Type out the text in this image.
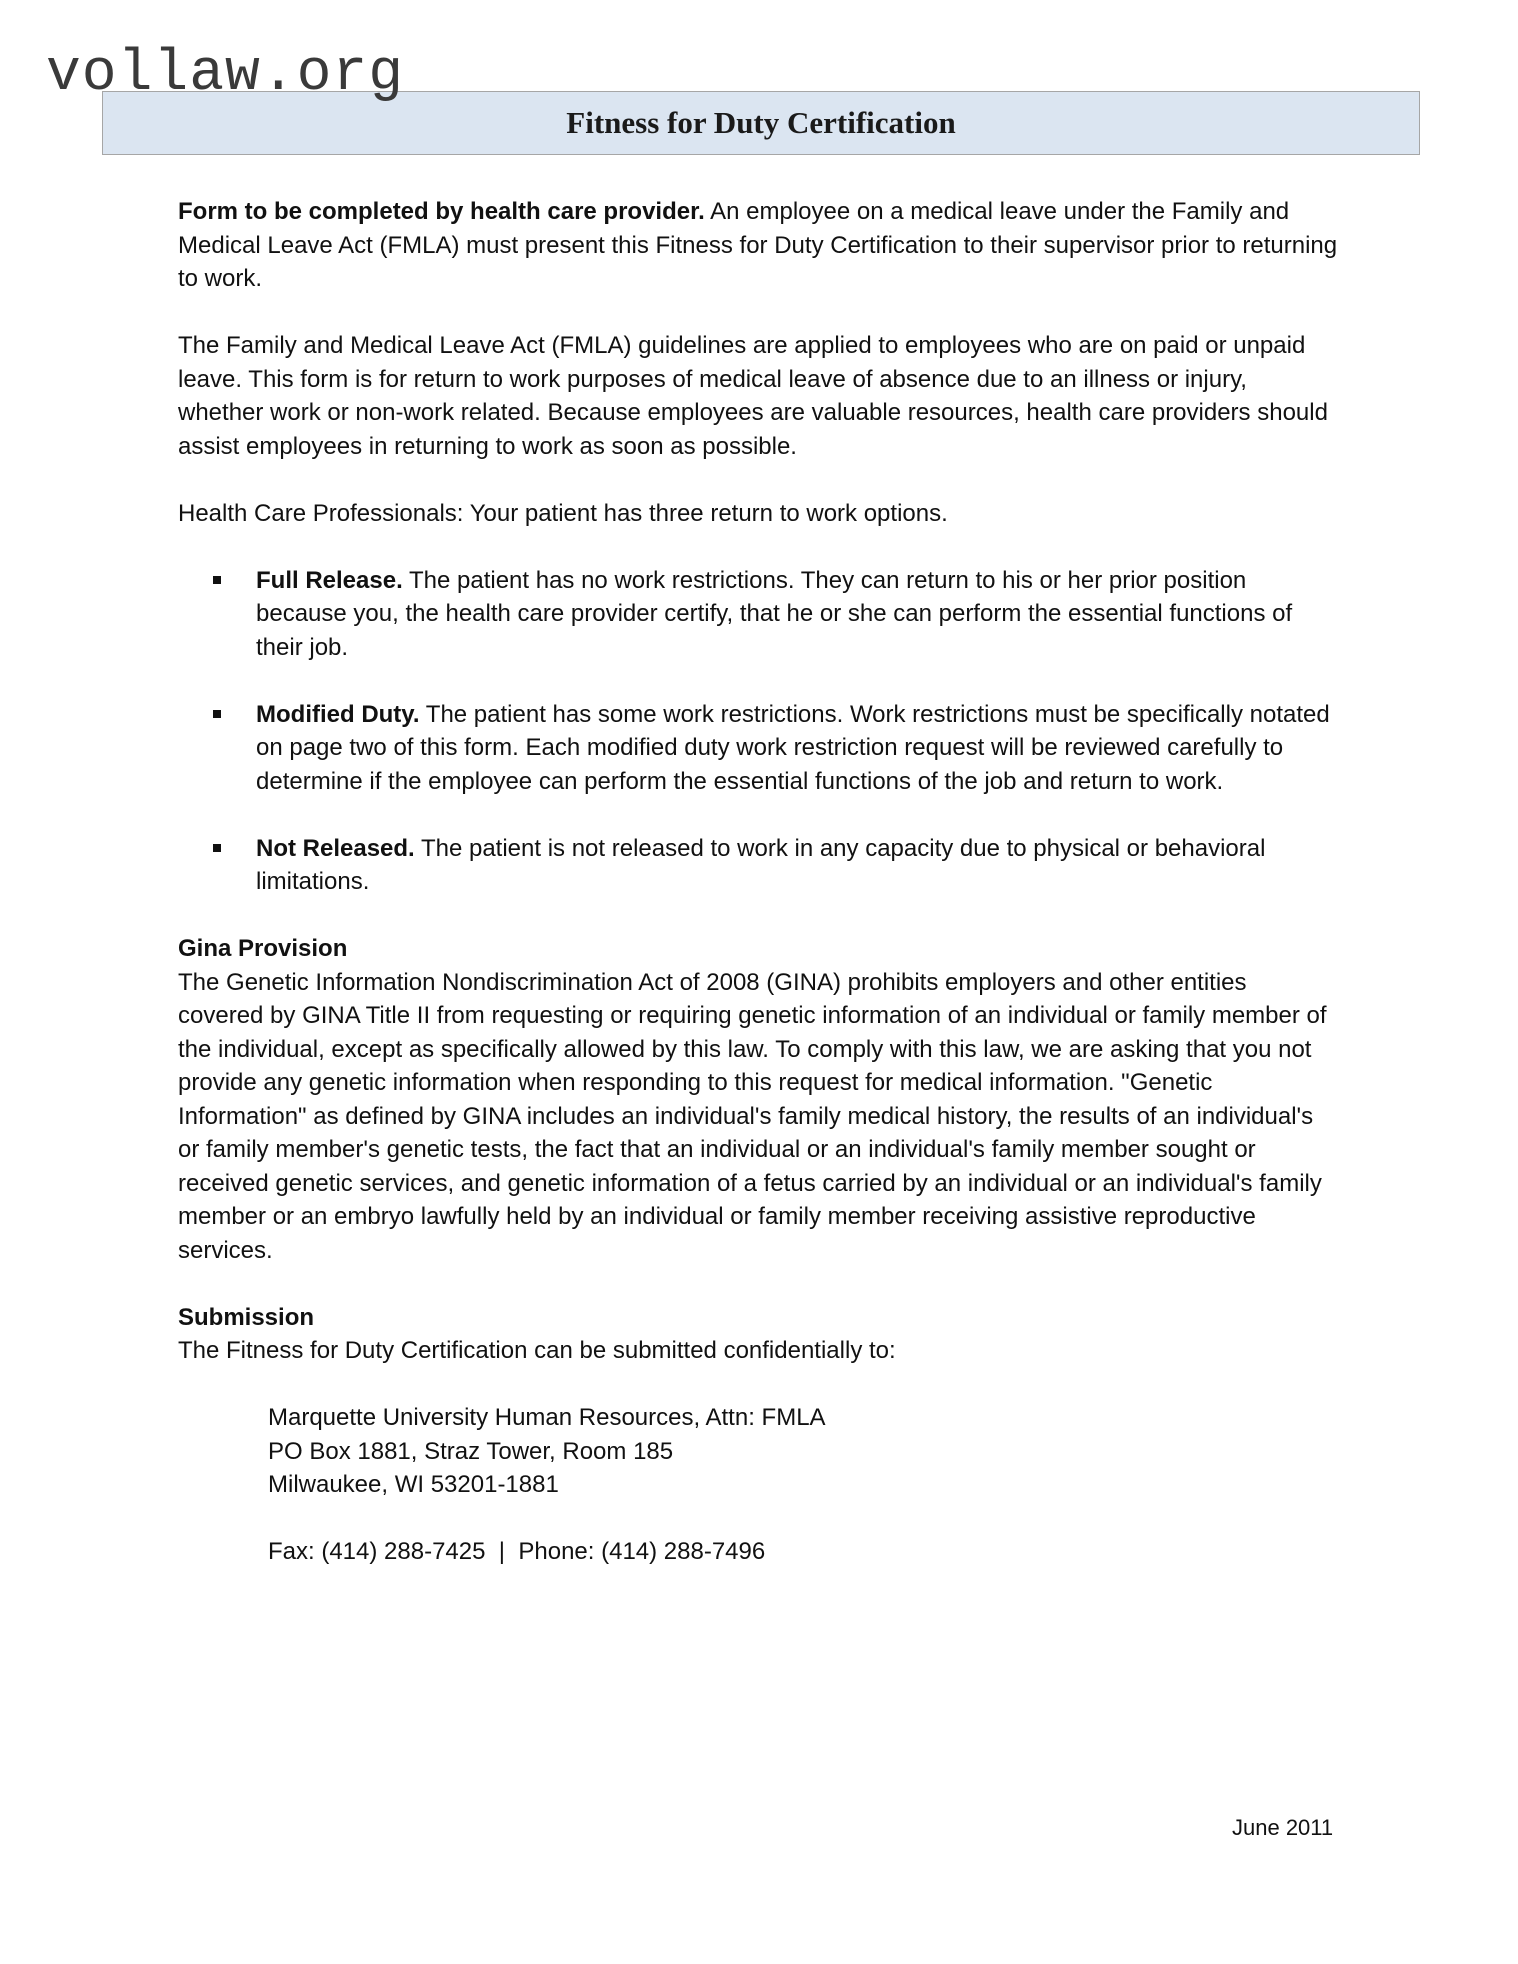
vollaw.org
Fitness for Duty Certification

Form to be completed by health care provider. An employee on a medical leave under the Family and Medical Leave Act (FMLA) must present this Fitness for Duty Certification to their supervisor prior to returning to work.

The Family and Medical Leave Act (FMLA) guidelines are applied to employees who are on paid or unpaid leave. This form is for return to work purposes of medical leave of absence due to an illness or injury, whether work or non-work related. Because employees are valuable resources, health care providers should assist employees in returning to work as soon as possible.

Health Care Professionals: Your patient has three return to work options.

Full Release. The patient has no work restrictions. They can return to his or her prior position because you, the health care provider certify, that he or she can perform the essential functions of their job.
Modified Duty. The patient has some work restrictions. Work restrictions must be specifically notated on page two of this form. Each modified duty work restriction request will be reviewed carefully to determine if the employee can perform the essential functions of the job and return to work.
Not Released. The patient is not released to work in any capacity due to physical or behavioral limitations.

Gina Provision
The Genetic Information Nondiscrimination Act of 2008 (GINA) prohibits employers and other entities covered by GINA Title II from requesting or requiring genetic information of an individual or family member of the individual, except as specifically allowed by this law. To comply with this law, we are asking that you not provide any genetic information when responding to this request for medical information. "Genetic Information" as defined by GINA includes an individual's family medical history, the results of an individual's or family member's genetic tests, the fact that an individual or an individual's family member sought or received genetic services, and genetic information of a fetus carried by an individual or an individual's family member or an embryo lawfully held by an individual or family member receiving assistive reproductive services.

Submission
The Fitness for Duty Certification can be submitted confidentially to:

Marquette University Human Resources, Attn: FMLA
PO Box 1881, Straz Tower, Room 185
Milwaukee, WI 53201-1881

Fax: (414) 288-7425  |  Phone: (414) 288-7496

June 2011
